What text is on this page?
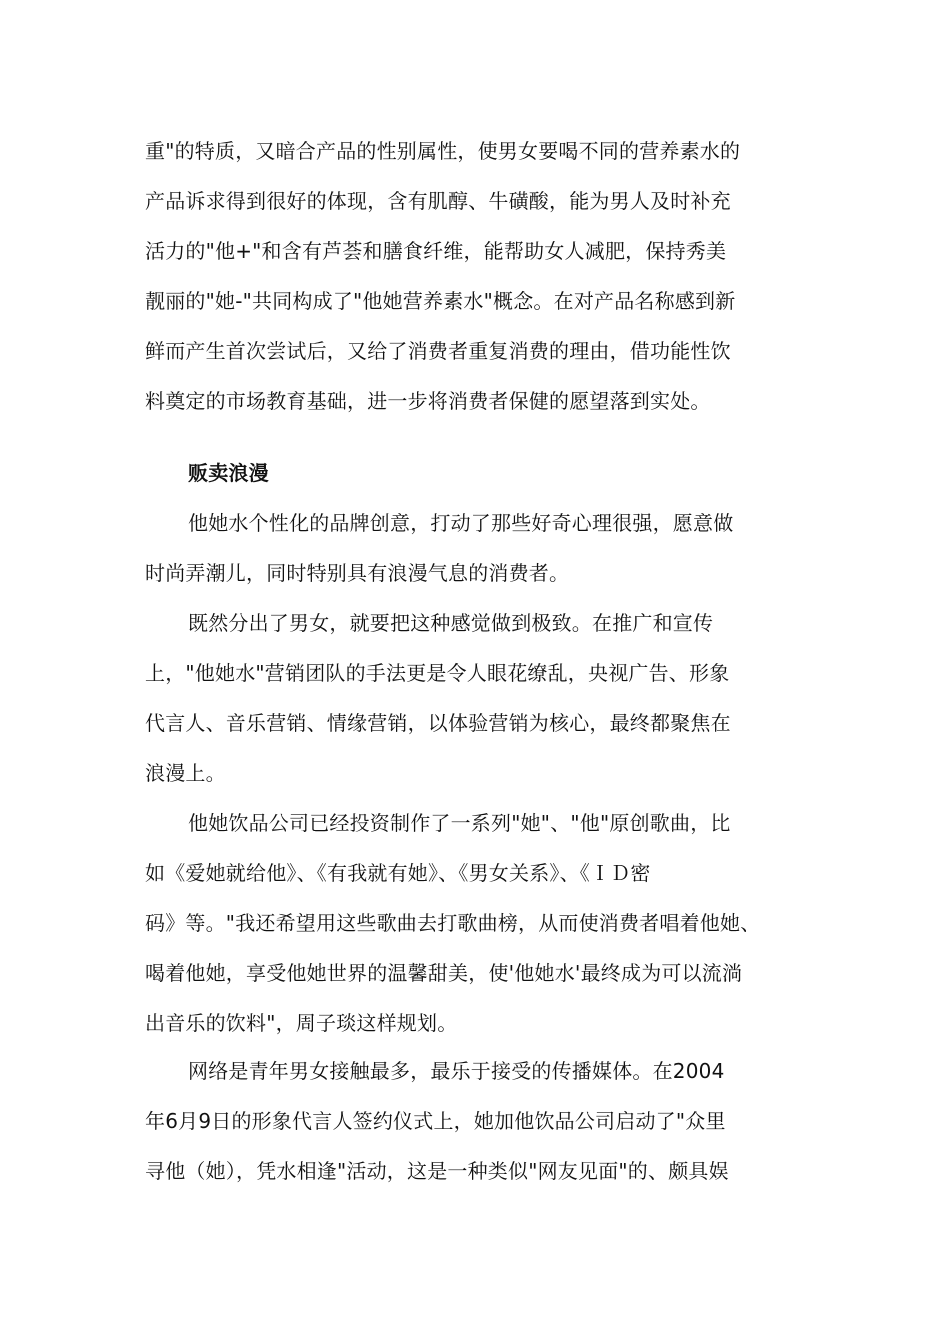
重"的特质，又暗合产品的性别属性，使男女要喝不同的营养素水的
产品诉求得到很好的体现，含有肌醇、牛磺酸，能为男人及时补充
活力的"他+"和含有芦荟和膳食纤维，能帮助女人减肥，保持秀美
靓丽的"她-"共同构成了"他她营养素水"概念。在对产品名称感到新
鲜而产生首次尝试后，又给了消费者重复消费的理由，借功能性饮
料奠定的市场教育基础，进一步将消费者保健的愿望落到实处。
贩卖浪漫
他她水个性化的品牌创意，打动了那些好奇心理很强，愿意做
时尚弄潮儿，同时特别具有浪漫气息的消费者。
既然分出了男女，就要把这种感觉做到极致。在推广和宣传
上，"他她水"营销团队的手法更是令人眼花缭乱，央视广告、形象
代言人、音乐营销、情缘营销，以体验营销为核心，最终都聚焦在
浪漫上。
他她饮品公司已经投资制作了一系列"她"、"他"原创歌曲，比
如《爱她就给他》、《有我就有她》、《男女关系》、《ＩＤ密
码》等。"我还希望用这些歌曲去打歌曲榜，从而使消费者唱着他她、
喝着他她，享受他她世界的温馨甜美，使'他她水'最终成为可以流淌
出音乐的饮料"，周子琰这样规划。
网络是青年男女接触最多，最乐于接受的传播媒体。在2004
年6月9日的形象代言人签约仪式上，她加他饮品公司启动了"众里
寻他（她），凭水相逢"活动，这是一种类似"网友见面"的、颇具娱
